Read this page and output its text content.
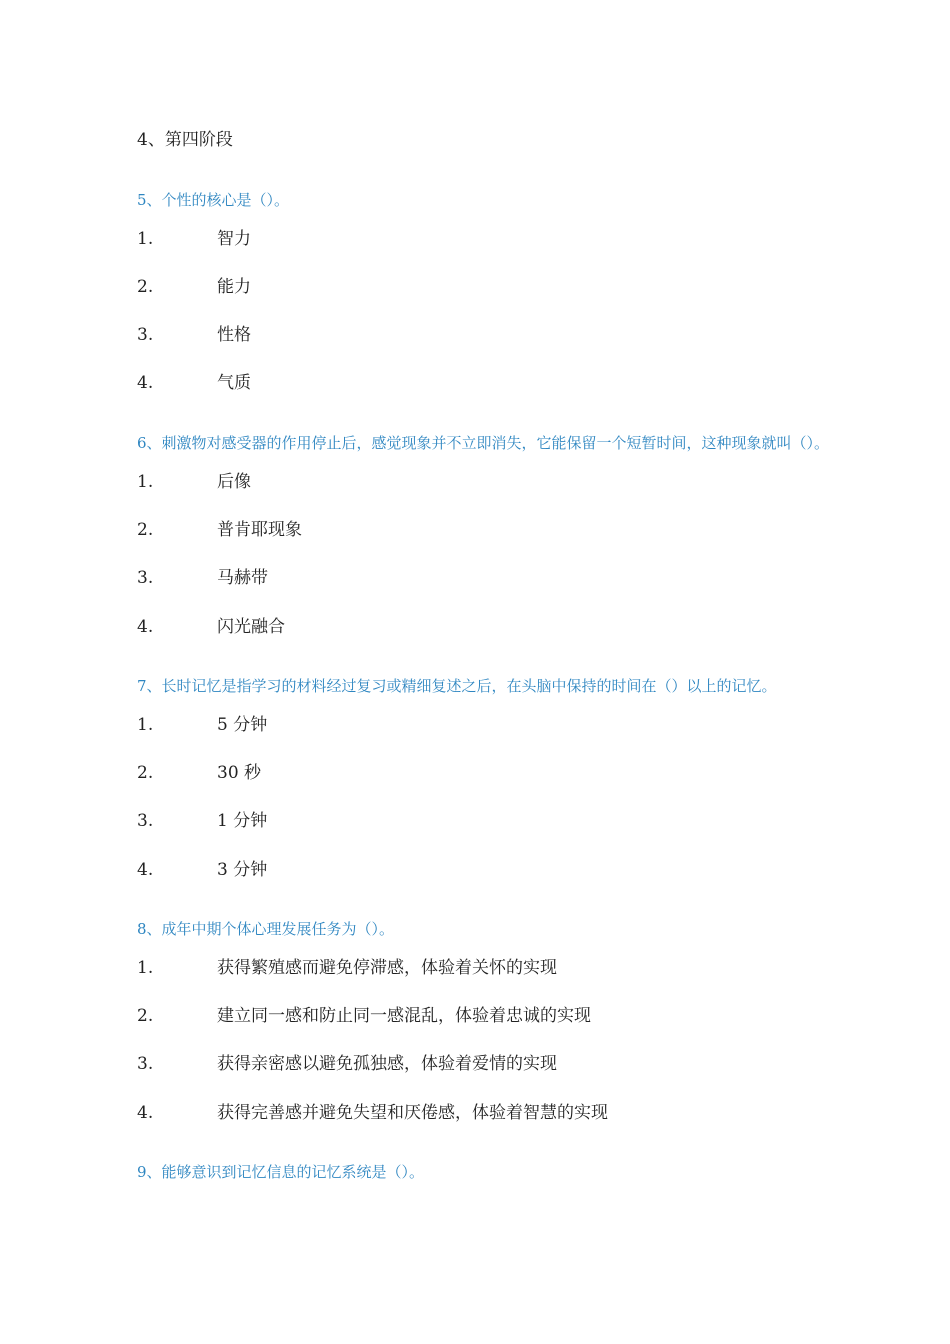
4、第四阶段
5、个性的核心是（）。
1.	智力
2.	能力
3.	性格
4.	气质
6、刺激物对感受器的作用停止后，感觉现象并不立即消失，它能保留一个短暂时间，这种现象就叫（）。
1.	后像
2.	普肯耶现象
3.	马赫带
4.	闪光融合
7、长时记忆是指学习的材料经过复习或精细复述之后，在头脑中保持的时间在（）以上的记忆。
1.	5 分钟
2.	30 秒
3.	1 分钟
4.	3 分钟
8、成年中期个体心理发展任务为（）。
1.	获得繁殖感而避免停滞感，体验着关怀的实现
2.	建立同一感和防止同一感混乱，体验着忠诚的实现
3.	获得亲密感以避免孤独感，体验着爱情的实现
4.	获得完善感并避免失望和厌倦感，体验着智慧的实现
9、能够意识到记忆信息的记忆系统是（）。
